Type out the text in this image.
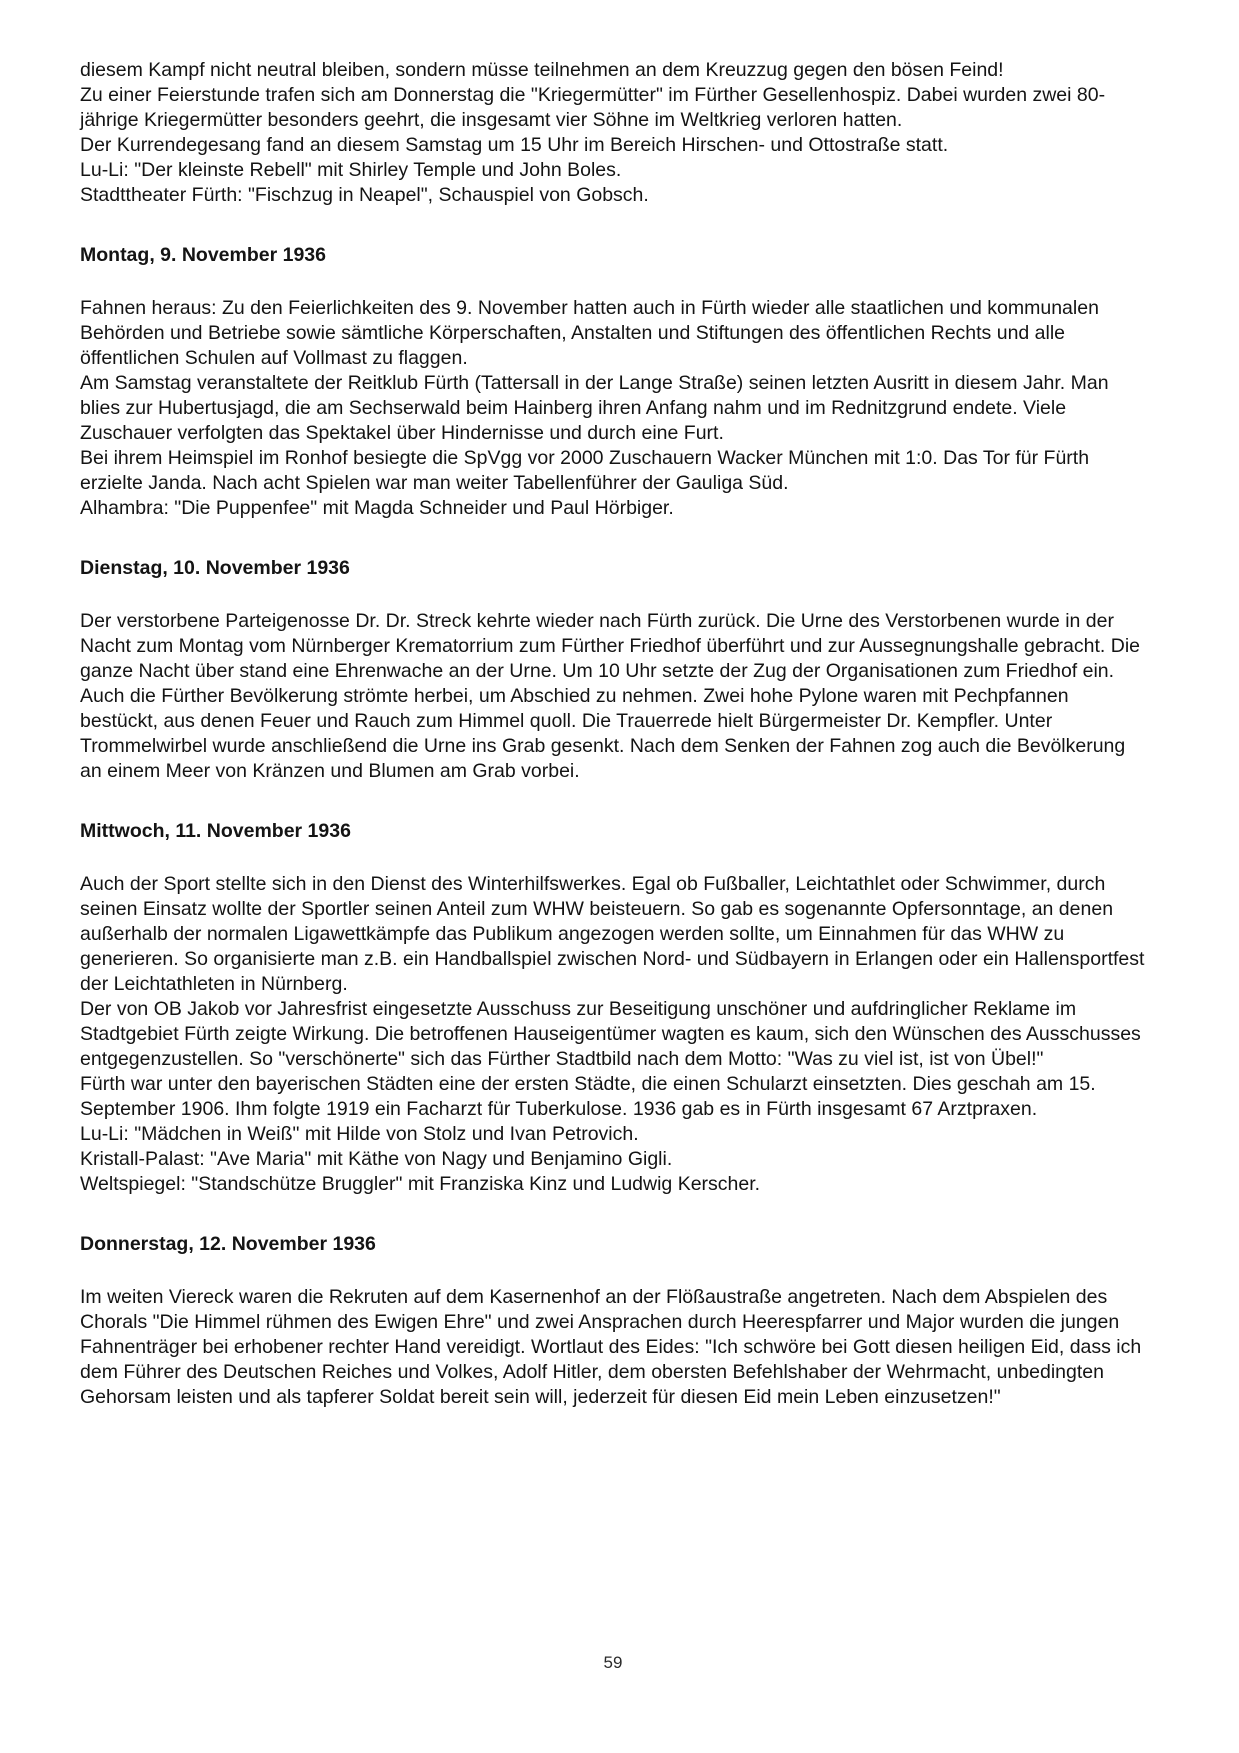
diesem Kampf nicht neutral bleiben, sondern müsse teilnehmen an dem Kreuzzug gegen den bösen Feind!

Zu einer Feierstunde trafen sich am Donnerstag die "Kriegermütter" im Fürther Gesellenhospiz. Dabei wurden zwei 80-jährige Kriegermütter besonders geehrt, die insgesamt vier Söhne im Weltkrieg verloren hatten.

Der Kurrendegesang fand an diesem Samstag um 15 Uhr im Bereich Hirschen- und Ottostraße statt.

Lu-Li: "Der kleinste Rebell" mit Shirley Temple und John Boles.

Stadttheater Fürth: "Fischzug in Neapel", Schauspiel von Gobsch.

Montag, 9. November 1936

Fahnen heraus: Zu den Feierlichkeiten des 9. November hatten auch in Fürth wieder alle staatlichen und kommunalen Behörden und Betriebe sowie sämtliche Körperschaften, Anstalten und Stiftungen des öffentlichen Rechts und alle öffentlichen Schulen auf Vollmast zu flaggen.

Am Samstag veranstaltete der Reitklub Fürth (Tattersall in der Lange Straße) seinen letzten Ausritt in diesem Jahr. Man blies zur Hubertusjagd, die am Sechserwald beim Hainberg ihren Anfang nahm und im Rednitzgrund endete. Viele Zuschauer verfolgten das Spektakel über Hindernisse und durch eine Furt.

Bei ihrem Heimspiel im Ronhof besiegte die SpVgg vor 2000 Zuschauern Wacker München mit 1:0. Das Tor für Fürth erzielte Janda. Nach acht Spielen war man weiter Tabellenführer der Gauliga Süd.

Alhambra: "Die Puppenfee" mit Magda Schneider und Paul Hörbiger.

Dienstag, 10. November 1936

Der verstorbene Parteigenosse Dr. Dr. Streck kehrte wieder nach Fürth zurück. Die Urne des Verstorbenen wurde in der Nacht zum Montag vom Nürnberger Krematorrium zum Fürther Friedhof überführt und zur Aussegnungshalle gebracht. Die ganze Nacht über stand eine Ehrenwache an der Urne. Um 10 Uhr setzte der Zug der Organisationen zum Friedhof ein. Auch die Fürther Bevölkerung strömte herbei, um Abschied zu nehmen. Zwei hohe Pylone waren mit Pechpfannen bestückt, aus denen Feuer und Rauch zum Himmel quoll. Die Trauerrede hielt Bürgermeister Dr. Kempfler. Unter Trommelwirbel wurde anschließend die Urne ins Grab gesenkt. Nach dem Senken der Fahnen zog auch die Bevölkerung an einem Meer von Kränzen und Blumen am Grab vorbei.

Mittwoch, 11. November 1936

Auch der Sport stellte sich in den Dienst des Winterhilfswerkes. Egal ob Fußballer, Leichtathlet oder Schwimmer, durch seinen Einsatz wollte der Sportler seinen Anteil zum WHW beisteuern. So gab es sogenannte Opfersonntage, an denen außerhalb der normalen Ligawettkämpfe das Publikum angezogen werden sollte, um Einnahmen für das WHW zu generieren. So organisierte man z.B. ein Handballspiel zwischen Nord- und Südbayern in Erlangen oder ein Hallensportfest der Leichtathleten in Nürnberg.

Der von OB Jakob vor Jahresfrist eingesetzte Ausschuss zur Beseitigung unschöner und aufdringlicher Reklame im Stadtgebiet Fürth zeigte Wirkung. Die betroffenen Hauseigentümer wagten es kaum, sich den Wünschen des Ausschusses entgegenzustellen. So "verschönerte" sich das Fürther Stadtbild nach dem Motto: "Was zu viel ist, ist von Übel!"

Fürth war unter den bayerischen Städten eine der ersten Städte, die einen Schularzt einsetzten. Dies geschah am 15. September 1906. Ihm folgte 1919 ein Facharzt für Tuberkulose. 1936 gab es in Fürth insgesamt 67 Arztpraxen.

Lu-Li: "Mädchen in Weiß" mit Hilde von Stolz und Ivan Petrovich.

Kristall-Palast: "Ave Maria" mit Käthe von Nagy und Benjamino Gigli.

Weltspiegel: "Standschütze Bruggler" mit Franziska Kinz und Ludwig Kerscher.

Donnerstag, 12. November 1936

Im weiten Viereck waren die Rekruten auf dem Kasernenhof an der Flößaustraße angetreten. Nach dem Abspielen des Chorals "Die Himmel rühmen des Ewigen Ehre" und zwei Ansprachen durch Heerespfarrer und Major wurden die jungen Fahnenträger bei erhobener rechter Hand vereidigt. Wortlaut des Eides: "Ich schwöre bei Gott diesen heiligen Eid, dass ich dem Führer des Deutschen Reiches und Volkes, Adolf Hitler, dem obersten Befehlshaber der Wehrmacht, unbedingten Gehorsam leisten und als tapferer Soldat bereit sein will, jederzeit für diesen Eid mein Leben einzusetzen!"

59
